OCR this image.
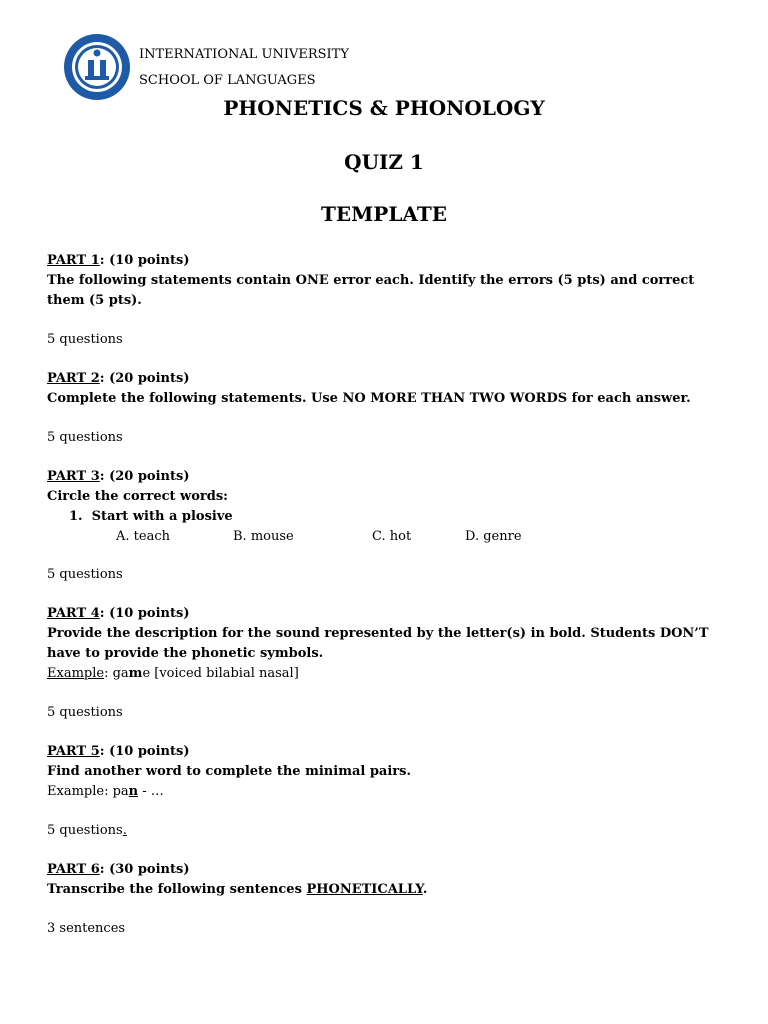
INTERNATIONAL UNIVERSITY
SCHOOL OF LANGUAGES
PHONETICS & PHONOLOGY
QUIZ 1
TEMPLATE
PART 1: (10 points)
The following statements contain ONE error each. Identify the errors (5 pts) and correct them (5 pts).
5 questions
PART 2: (20 points)
Complete the following statements. Use NO MORE THAN TWO WORDS for each answer.
5 questions
PART 3: (20 points)
Circle the correct words:
1. Start with a plosive
A. teach	B. mouse	C. hot	D. genre
5 questions
PART 4: (10 points)
Provide the description for the sound represented by the letter(s) in bold. Students DON’T have to provide the phonetic symbols.
Example: game [voiced bilabial nasal]
5 questions
PART 5: (10 points)
Find another word to complete the minimal pairs.
Example: pan - …
5 questions.
PART 6: (30 points)
Transcribe the following sentences PHONETICALLY.
3 sentences
